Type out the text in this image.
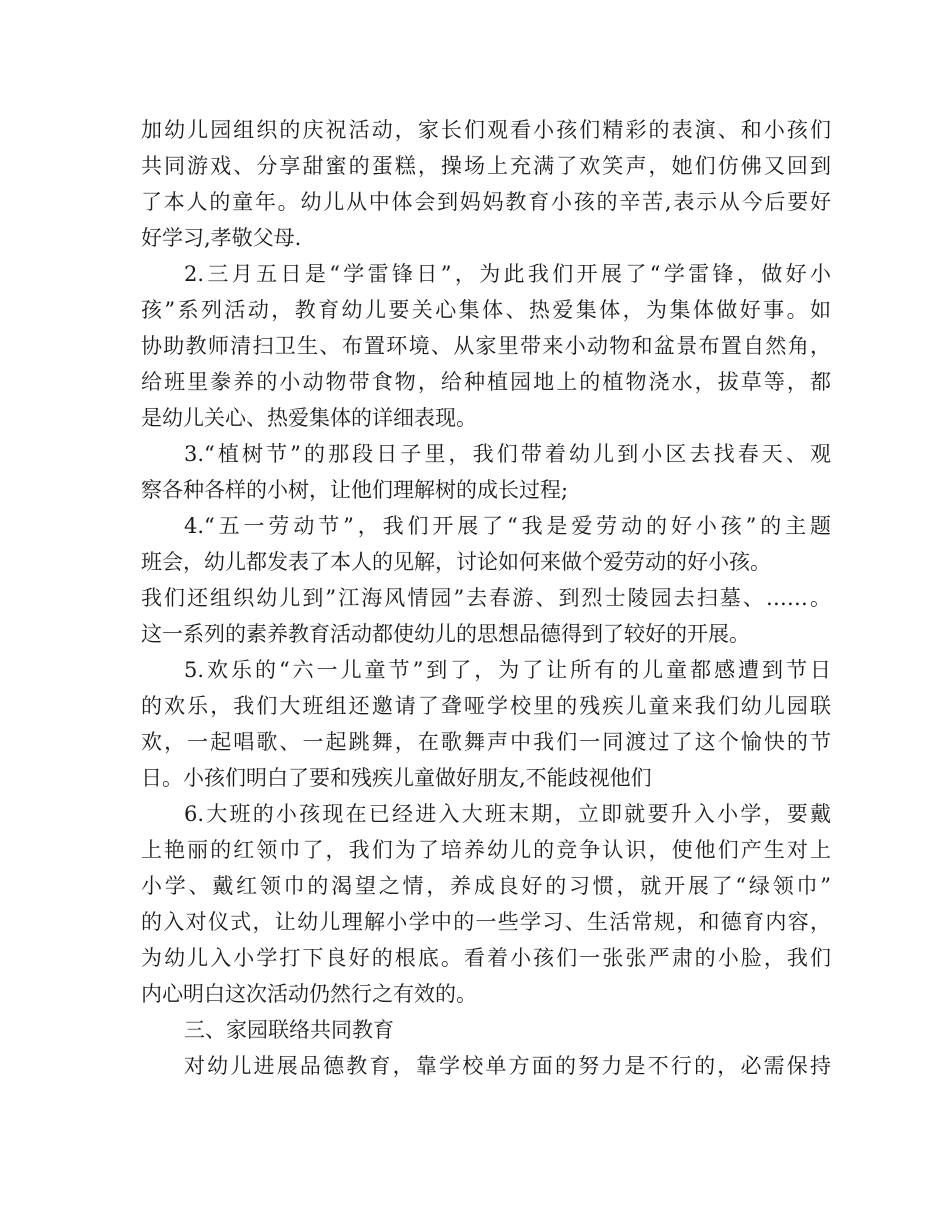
加幼儿园组织的庆祝活动，家长们观看小孩们精彩的表演、和小孩们
共同游戏、分享甜蜜的蛋糕，操场上充满了欢笑声，她们仿佛又回到
了本人的童年。幼儿从中体会到妈妈教育小孩的辛苦,表示从今后要好
好学习,孝敬父母.
2.三月五日是“学雷锋日”，为此我们开展了“学雷锋，做好小
孩”系列活动，教育幼儿要关心集体、热爱集体，为集体做好事。如
协助教师清扫卫生、布置环境、从家里带来小动物和盆景布置自然角，
给班里豢养的小动物带食物，给种植园地上的植物浇水，拔草等，都
是幼儿关心、热爱集体的详细表现。
3.“植树节”的那段日子里，我们带着幼儿到小区去找春天、观
察各种各样的小树，让他们理解树的成长过程;
4.“五一劳动节”，我们开展了“我是爱劳动的好小孩”的主题
班会，幼儿都发表了本人的见解，讨论如何来做个爱劳动的好小孩。
我们还组织幼儿到”江海风情园”去春游、到烈士陵园去扫墓、……。
这一系列的素养教育活动都使幼儿的思想品德得到了较好的开展。
5.欢乐的“六一儿童节”到了，为了让所有的儿童都感遭到节日
的欢乐，我们大班组还邀请了聋哑学校里的残疾儿童来我们幼儿园联
欢，一起唱歌、一起跳舞，在歌舞声中我们一同渡过了这个愉快的节
日。小孩们明白了要和残疾儿童做好朋友,不能歧视他们
6.大班的小孩现在已经进入大班末期，立即就要升入小学，要戴
上艳丽的红领巾了，我们为了培养幼儿的竞争认识，使他们产生对上
小学、戴红领巾的渴望之情，养成良好的习惯，就开展了“绿领巾”
的入对仪式，让幼儿理解小学中的一些学习、生活常规，和德育内容，
为幼儿入小学打下良好的根底。看着小孩们一张张严肃的小脸，我们
内心明白这次活动仍然行之有效的。
三、家园联络共同教育
对幼儿进展品德教育，靠学校单方面的努力是不行的，必需保持
